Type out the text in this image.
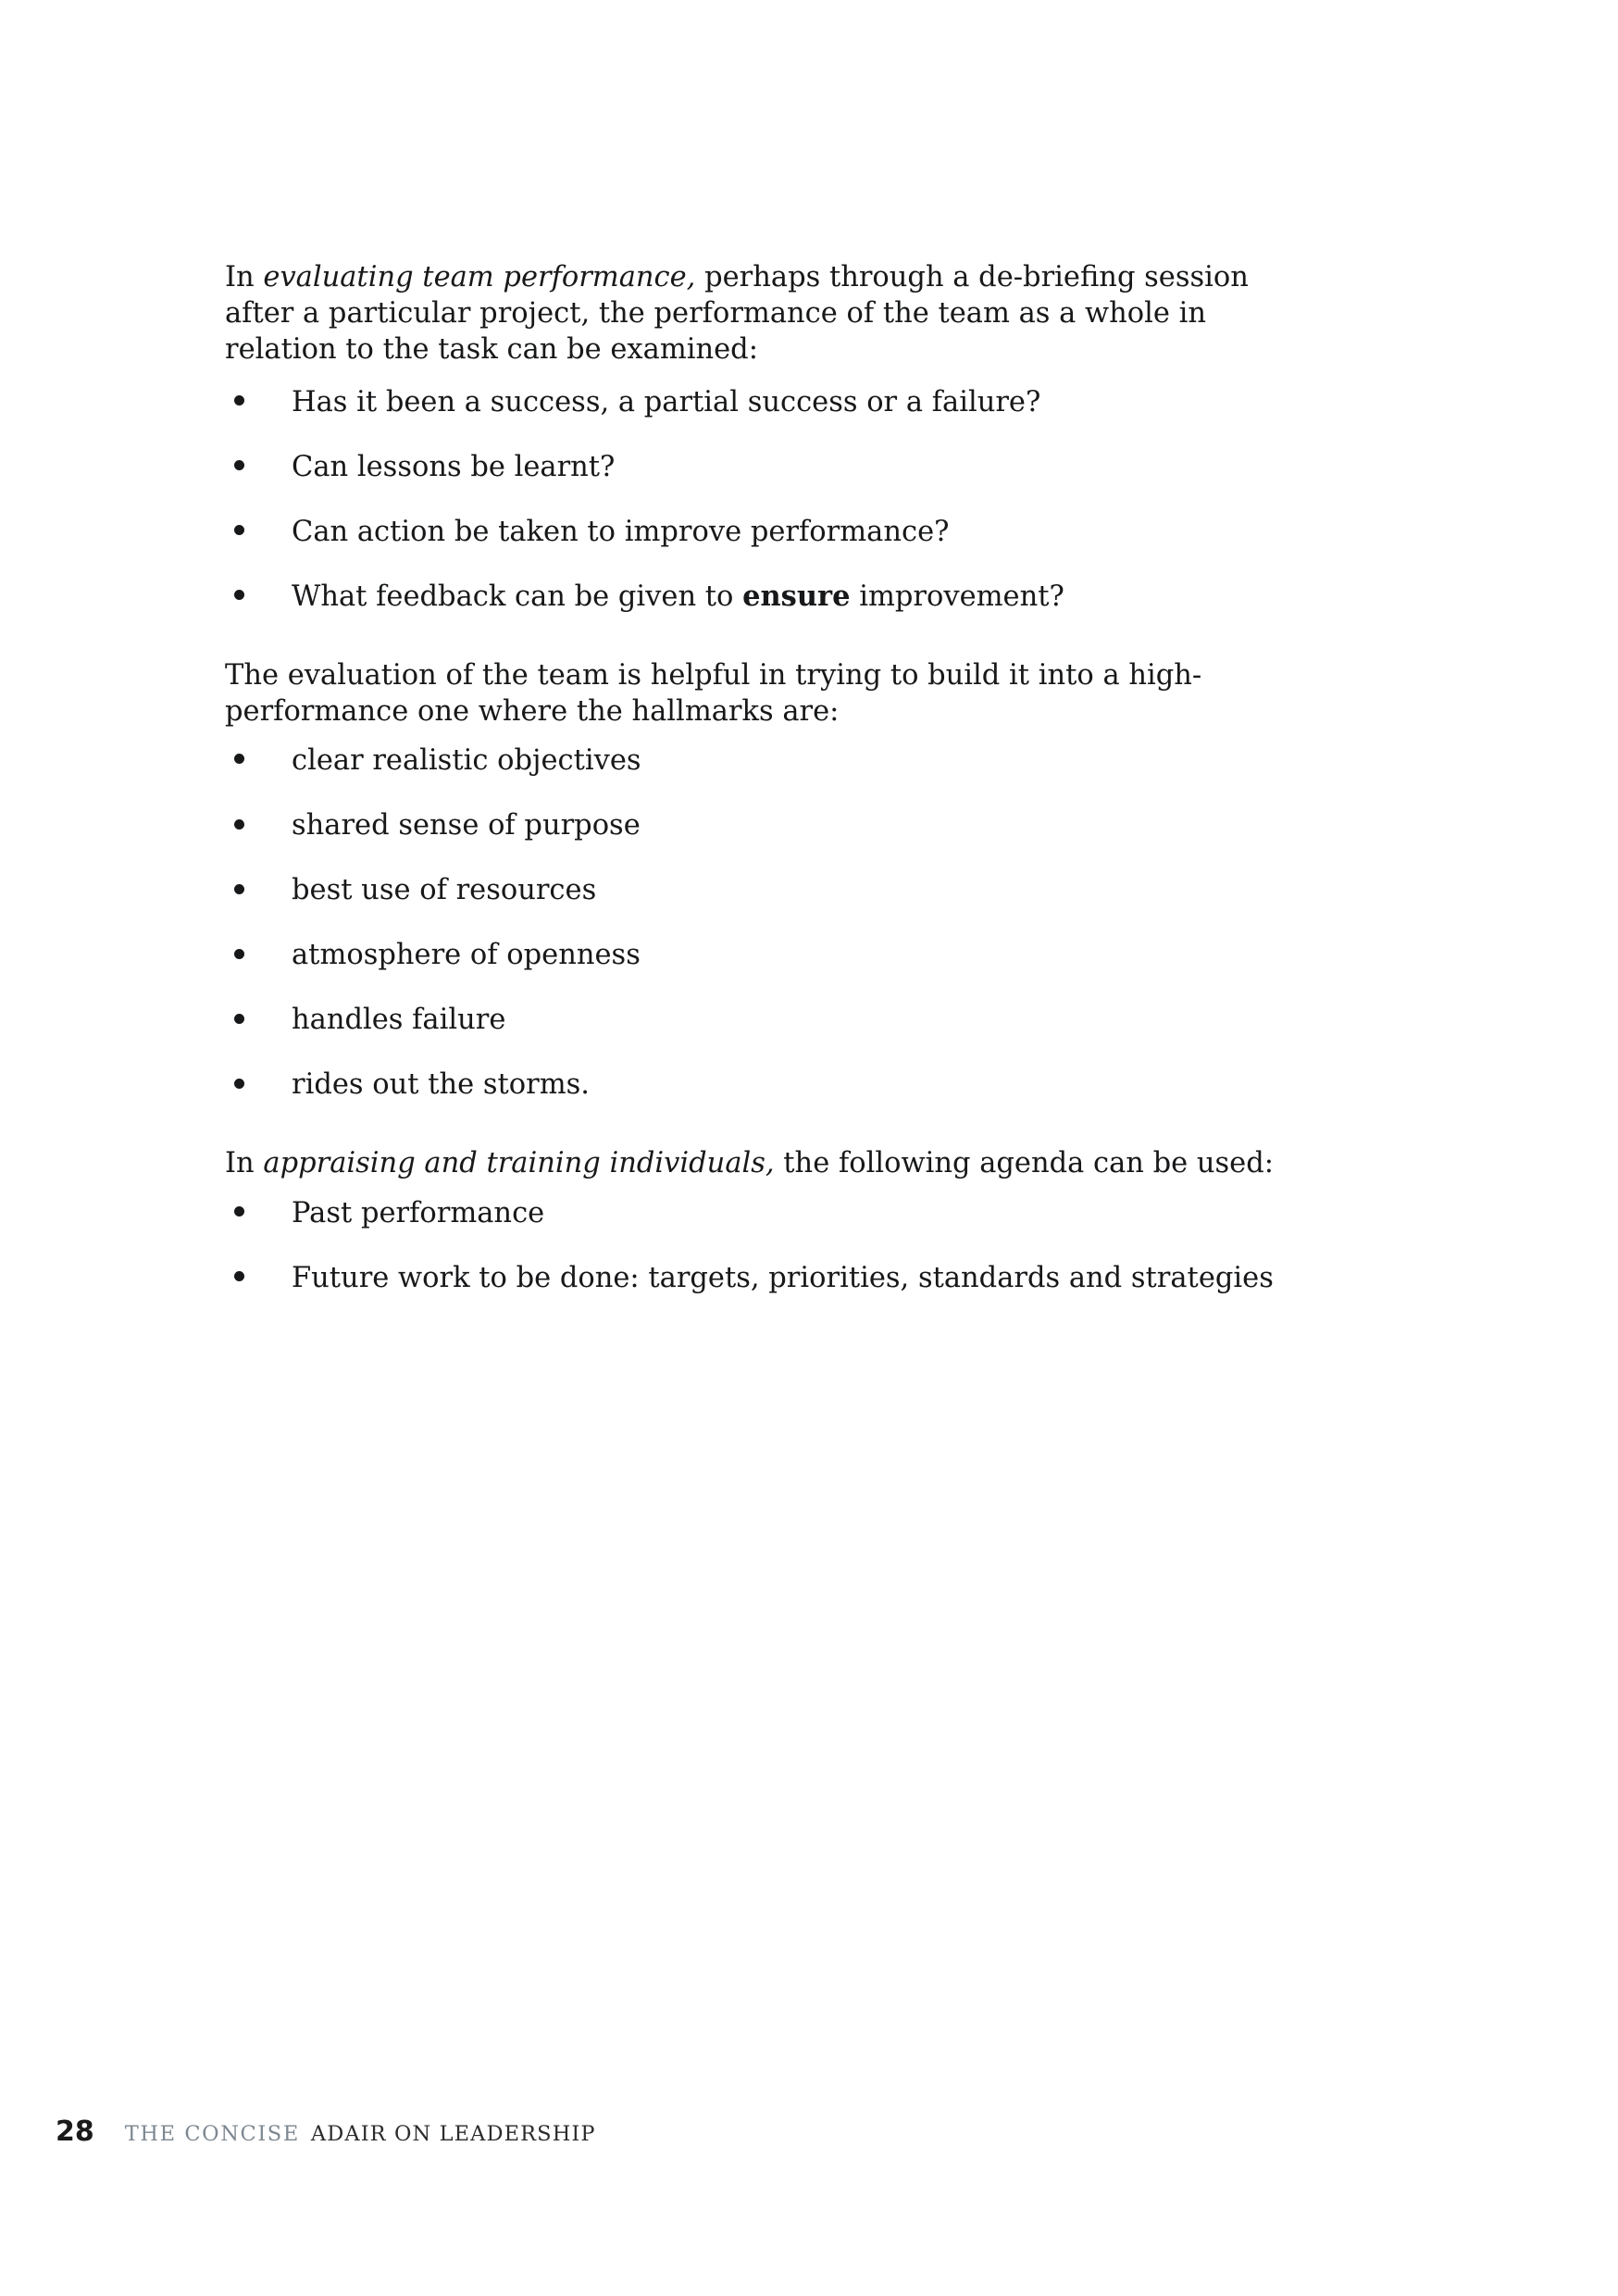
In evaluating team performance, perhaps through a de-briefing session after a particular project, the performance of the team as a whole in relation to the task can be examined:

Has it been a success, a partial success or a failure?
Can lessons be learnt?
Can action be taken to improve performance?
What feedback can be given to ensure improvement?

The evaluation of the team is helpful in trying to build it into a high-performance one where the hallmarks are:

clear realistic objectives
shared sense of purpose
best use of resources
atmosphere of openness
handles failure
rides out the storms.

In appraising and training individuals, the following agenda can be used:

Past performance
Future work to be done: targets, priorities, standards and strategies
28 THE CONCISE ADAIR ON LEADERSHIP
